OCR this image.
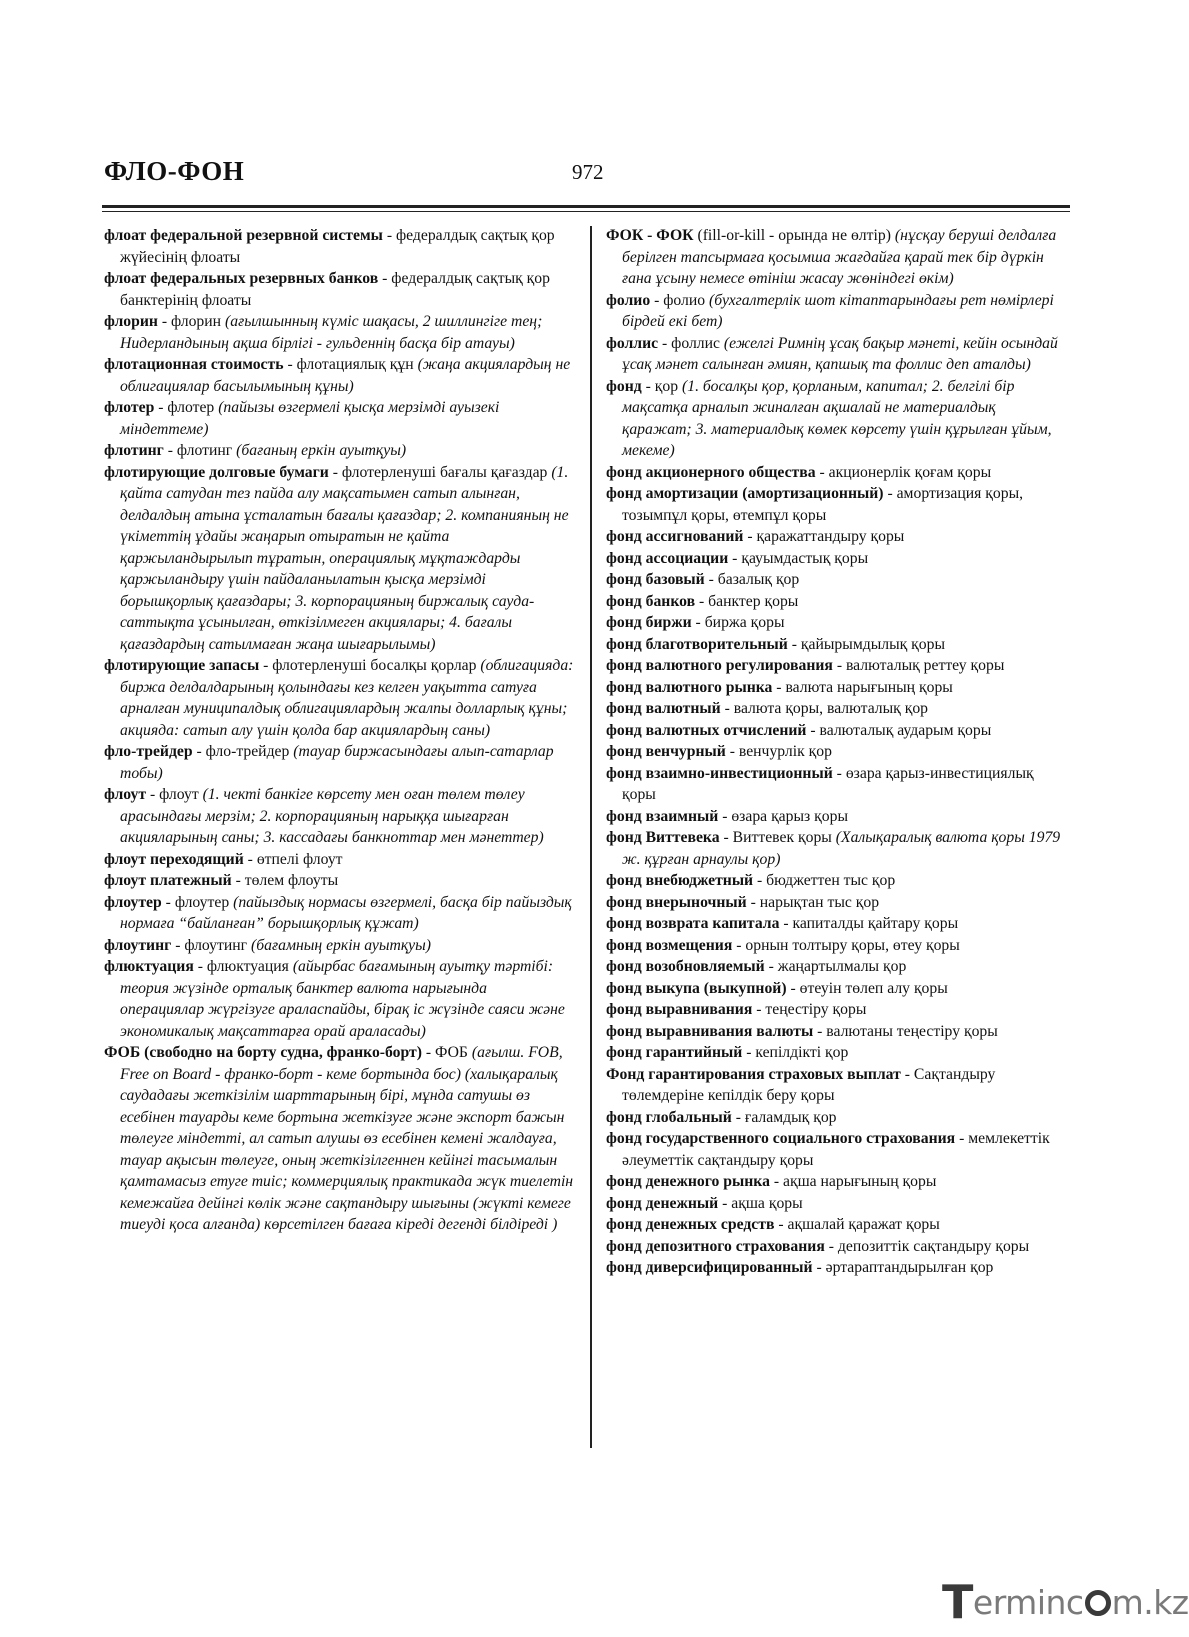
ФЛО-ФОН	972

флоат федеральной резервной системы - федералдық сақтық қор жүйесінің флоаты

флоат федеральных резервных банков - федералдық сақтық қор банктерінің флоаты

флорин - флорин (ағылшынның күміс шақасы, 2 шиллингіге тең; Нидерландының ақша бірлігі - гульденнің басқа бір атауы)

флотационная стоимость - флотациялық құн (жаңа акциялардың не облигациялар басылымының құны)

флотер - флотер (пайызы өзгермелі қысқа мерзімді ауызекі міндеттеме)

флотинг - флотинг (бағаның еркін ауытқуы)

флотирующие долговые бумаги - флотерленуші бағалы қағаздар (1. қайта сатудан тез пайда алу мақсатымен сатып алынған, делдалдың атына ұсталатын бағалы қағаздар; 2. компанияның не үкіметтің ұдайы жаңарып отыратын не қайта қаржыландырылып тұратын, операциялық мұқтаждарды қаржыландыру үшін пайдаланылатын қысқа мерзімді борышқорлық қағаздары; 3. корпорацияның биржалық сауда-саттықта ұсынылған, өткізілмеген акциялары; 4. бағалы қағаздардың сатылмаған жаңа шығарылымы)

флотирующие запасы - флотерленуші босалқы қорлар (облигацияда: биржа делдалдарының қолындағы кез келген уақытта сатуға арналған муниципалдық облигациялардың жалпы долларлық құны; акцияда: сатып алу үшін қолда бар акциялардың саны)

фло-трейдер - фло-трейдер (тауар биржасындағы алып-сатарлар тобы)

флоут - флоут (1. чекті банкіге көрсету мен оған төлем төлеу арасындағы мерзім; 2. корпорацияның нарыққа шығарған акцияларының саны; 3. кассадағы банкноттар мен мәнеттер)

флоут переходящий - өтпелі флоут

флоут платежный - төлем флоуты

флоутер - флоутер (пайыздық нормасы өзгермелі, басқа бір пайыздық нормаға “байланған” борышқорлық құжат)

флоутинг - флоутинг (бағамның еркін ауытқуы)

флюктуация - флюктуация (айырбас бағамының ауытқу тәртібі: теория жүзінде орталық банктер валюта нарығында операциялар жүргізуге араласпайды, бірақ іс жүзінде саяси және экономикалық мақсаттарға орай араласады)

ФОБ (свободно на борту судна, франко-борт) - ФОБ (ағылш. FOB, Free on Board - франко-борт - кеме бортында бос) (халықаралық саудадағы жеткізілім шарттарының бірі, мұнда сатушы өз есебінен тауарды кеме бортына жеткізуге және экспорт бажын төлеуге міндетті, ал сатып алушы өз есебінен кемені жалдауға, тауар ақысын төлеуге, оның жеткізілгеннен кейінгі тасымалын қамтамасыз етуге тиіс; коммерциялық практикада жүк тиелетін кемежайға дейінгі көлік және сақтандыру шығыны (жүкті кемеге тиеуді қоса алғанда) көрсетілген бағаға кіреді дегенді білдіреді )

ФОК - ФОК (fill-or-kill - орында не өлтір) (нұсқау беруші делдалға берілген тапсырмаға қосымша жағдайға қарай тек бір дүркін ғана ұсыну немесе өтініш жасау жөніндегі өкім)

фолио - фолио (бухгалтерлік шот кітаптарындағы рет нөмірлері бірдей екі бет)

фоллис - фоллис (ежелгі Римнің ұсақ бақыр мәнеті, кейін осындай ұсақ мәнет салынған әмиян, қапшық та фоллис деп аталды)

фонд - қор (1. босалқы қор, қорланым, капитал; 2. белгілі бір мақсатқа арналып жиналған ақшалай не материалдық қаражат; 3. материалдық көмек көрсету үшін құрылған ұйым, мекеме)

фонд акционерного общества - акционерлік қоғам қоры

фонд амортизации (амортизационный) - амортизация қоры, тозымпұл қоры, өтемпұл қоры

фонд ассигнований - қаражаттандыру қоры

фонд ассоциации - қауымдастық қоры

фонд базовый - базалық қор

фонд банков - банктер қоры

фонд биржи - биржа қоры

фонд благотворительный - қайырымдылық қоры

фонд валютного регулирования - валюталық реттеу қоры

фонд валютного рынка - валюта нарығының қоры

фонд валютный - валюта қоры, валюталық қор

фонд валютных отчислений - валюталық аударым қоры

фонд венчурный - венчурлік қор

фонд взаимно-инвестиционный - өзара қарыз-инвестициялық қоры

фонд взаимный - өзара қарыз қоры

фонд Виттевека - Виттевек қоры (Халықаралық валюта қоры 1979 ж. құрған арнаулы қор)

фонд внебюджетный - бюджеттен тыс қор

фонд внерыночный - нарықтан тыс қор

фонд возврата капитала - капиталды қайтару қоры

фонд возмещения - орнын толтыру қоры, өтеу қоры

фонд возобновляемый - жаңартылмалы қор

фонд выкупа (выкупной) - өтеуін төлеп алу қоры

фонд выравнивания - теңестіру қоры

фонд выравнивания валюты - валютаны теңестіру қоры

фонд гарантийный - кепілдікті қор

Фонд гарантирования страховых выплат - Сақтандыру төлемдеріне кепілдік беру қоры

фонд глобальный - ғаламдық қор

фонд государственного социального страхования - мемлекеттік әлеуметтік сақтандыру қоры

фонд денежного рынка - ақша нарығының қоры

фонд денежный - ақша қоры

фонд денежных средств - ақшалай қаражат қоры

фонд депозитного страхования - депозиттік сақтандыру қоры

фонд диверсифицированный - әртараптандырылған қор

Terminc m.kz
